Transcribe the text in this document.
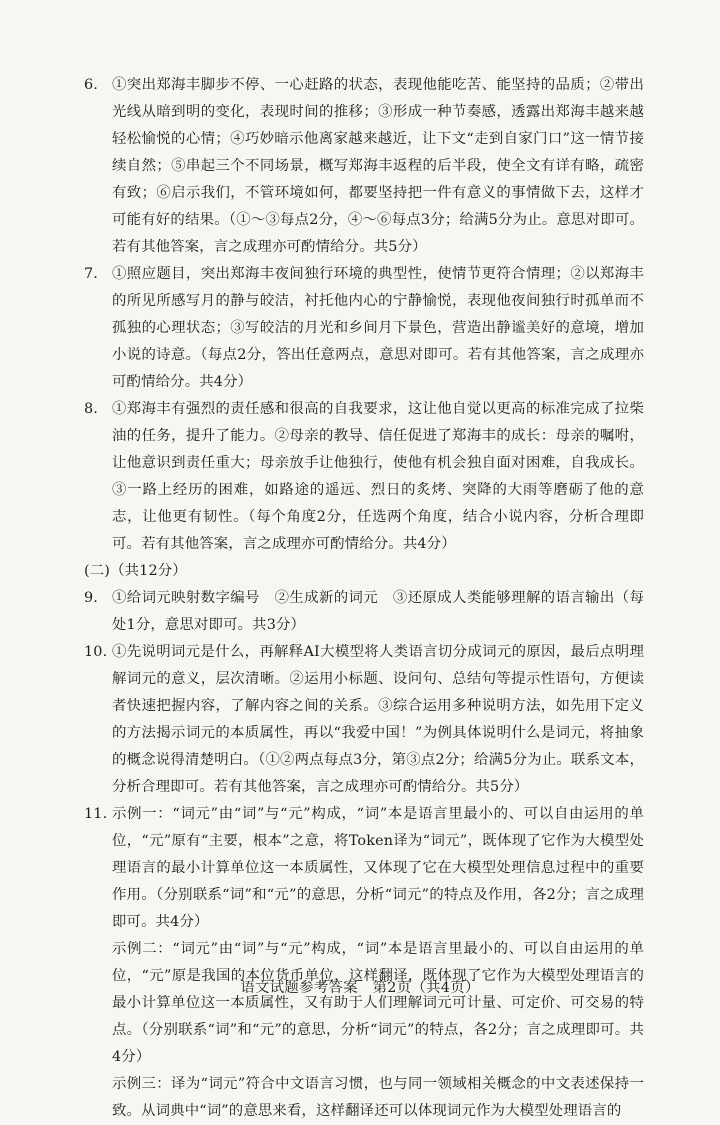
6. ①突出郑海丰脚步不停、一心赶路的状态，表现他能吃苦、能坚持的品质；②带出光线从暗到明的变化，表现时间的推移；③形成一种节奏感，透露出郑海丰越来越轻松愉悦的心情；④巧妙暗示他离家越来越近，让下文“走到自家门口”这一情节接续自然；⑤串起三个不同场景，概写郑海丰返程的后半段，使全文有详有略，疏密有致；⑥启示我们，不管环境如何，都要坚持把一件有意义的事情做下去，这样才可能有好的结果。（①～③每点2分，④～⑥每点3分；给满5分为止。意思对即可。若有其他答案，言之成理亦可酌情给分。共5分）

7. ①照应题目，突出郑海丰夜间独行环境的典型性，使情节更符合情理；②以郑海丰的所见所感写月的静与皎洁，衬托他内心的宁静愉悦，表现他夜间独行时孤单而不孤独的心理状态；③写皎洁的月光和乡间月下景色，营造出静谧美好的意境，增加小说的诗意。（每点2分，答出任意两点，意思对即可。若有其他答案，言之成理亦可酌情给分。共4分）

8. ①郑海丰有强烈的责任感和很高的自我要求，这让他自觉以更高的标准完成了拉柴油的任务，提升了能力。②母亲的教导、信任促进了郑海丰的成长：母亲的嘱咐，让他意识到责任重大；母亲放手让他独行，使他有机会独自面对困难，自我成长。③一路上经历的困难，如路途的遥远、烈日的炙烤、突降的大雨等磨砺了他的意志，让他更有韧性。（每个角度2分，任选两个角度，结合小说内容，分析合理即可。若有其他答案，言之成理亦可酌情给分。共4分）

(二)（共12分）

9. ①给词元映射数字编号　②生成新的词元　③还原成人类能够理解的语言输出（每处1分，意思对即可。共3分）

10. ①先说明词元是什么，再解释AI大模型将人类语言切分成词元的原因，最后点明理解词元的意义，层次清晰。②运用小标题、设问句、总结句等提示性语句，方便读者快速把握内容，了解内容之间的关系。③综合运用多种说明方法，如先用下定义的方法揭示词元的本质属性，再以“我爱中国！”为例具体说明什么是词元，将抽象的概念说得清楚明白。（①②两点每点3分，第③点2分；给满5分为止。联系文本，分析合理即可。若有其他答案，言之成理亦可酌情给分。共5分）

11. 示例一：“词元”由“词”与“元”构成，“词”本是语言里最小的、可以自由运用的单位，“元”原有“主要，根本”之意，将Token译为“词元”，既体现了它作为大模型处理语言的最小计算单位这一本质属性，又体现了它在大模型处理信息过程中的重要作用。（分别联系“词”和“元”的意思，分析“词元”的特点及作用，各2分；言之成理即可。共4分）

示例二：“词元”由“词”与“元”构成，“词”本是语言里最小的、可以自由运用的单位，“元”原是我国的本位货币单位，这样翻译，既体现了它作为大模型处理语言的最小计算单位这一本质属性，又有助于人们理解词元可计量、可定价、可交易的特点。（分别联系“词”和“元”的意思，分析“词元”的特点，各2分；言之成理即可。共4分）

示例三：译为“词元”符合中文语言习惯，也与同一领域相关概念的中文表述保持一致。从词典中“词”的意思来看，这样翻译还可以体现词元作为大模型处理语言的

语文试题参考答案　第2页（共4页）
